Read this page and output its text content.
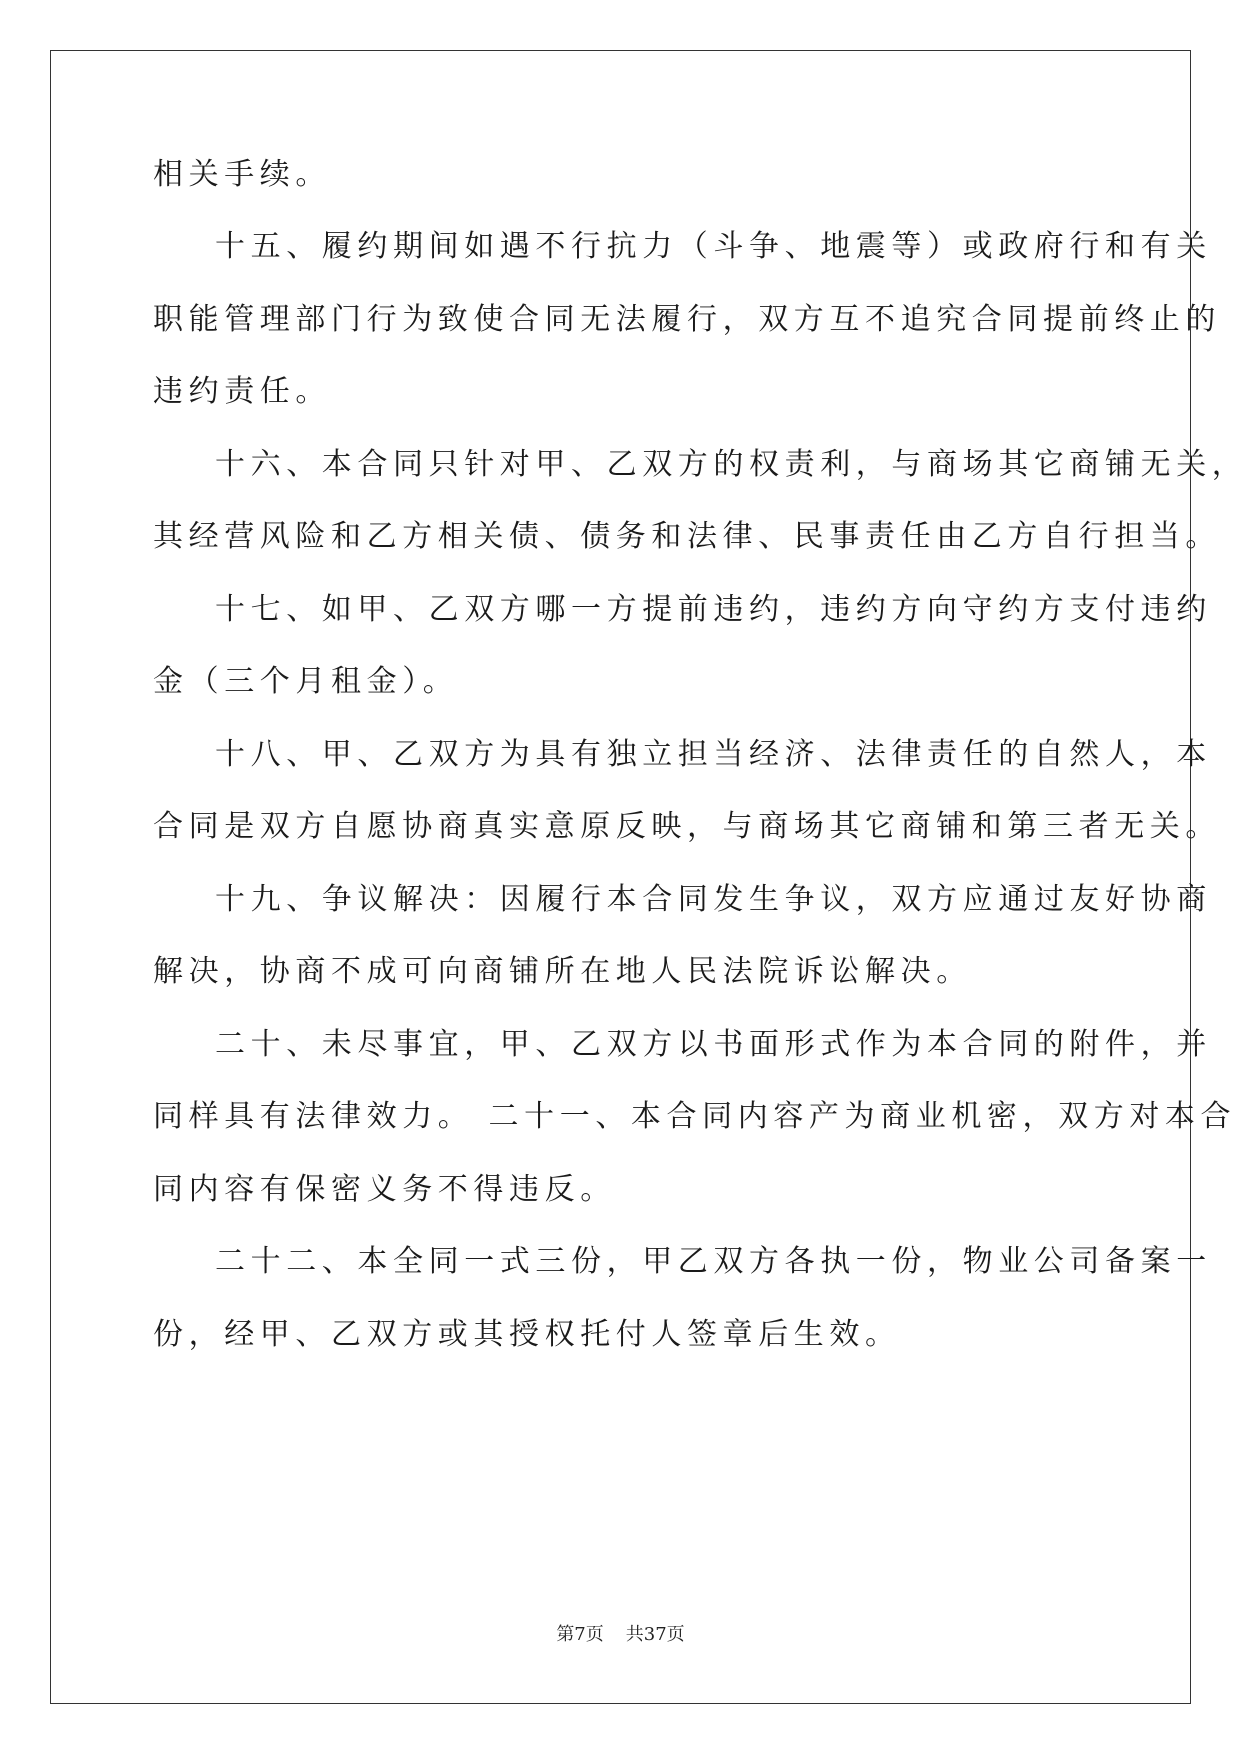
相关手续。
十五、履约期间如遇不行抗力（斗争、地震等）或政府行和有关
职能管理部门行为致使合同无法履行，双方互不追究合同提前终止的
违约责任。
十六、本合同只针对甲、乙双方的权责利，与商场其它商铺无关，
其经营风险和乙方相关债、债务和法律、民事责任由乙方自行担当。
十七、如甲、乙双方哪一方提前违约，违约方向守约方支付违约
金（三个月租金）。
十八、甲、乙双方为具有独立担当经济、法律责任的自然人，本
合同是双方自愿协商真实意原反映，与商场其它商铺和第三者无关。
十九、争议解决：因履行本合同发生争议，双方应通过友好协商
解决，协商不成可向商铺所在地人民法院诉讼解决。
二十、未尽事宜，甲、乙双方以书面形式作为本合同的附件，并
同样具有法律效力。 二十一、本合同内容产为商业机密，双方对本合
同内容有保密义务不得违反。
二十二、本全同一式三份，甲乙双方各执一份，物业公司备案一
份，经甲、乙双方或其授权托付人签章后生效。
第7页 共37页
